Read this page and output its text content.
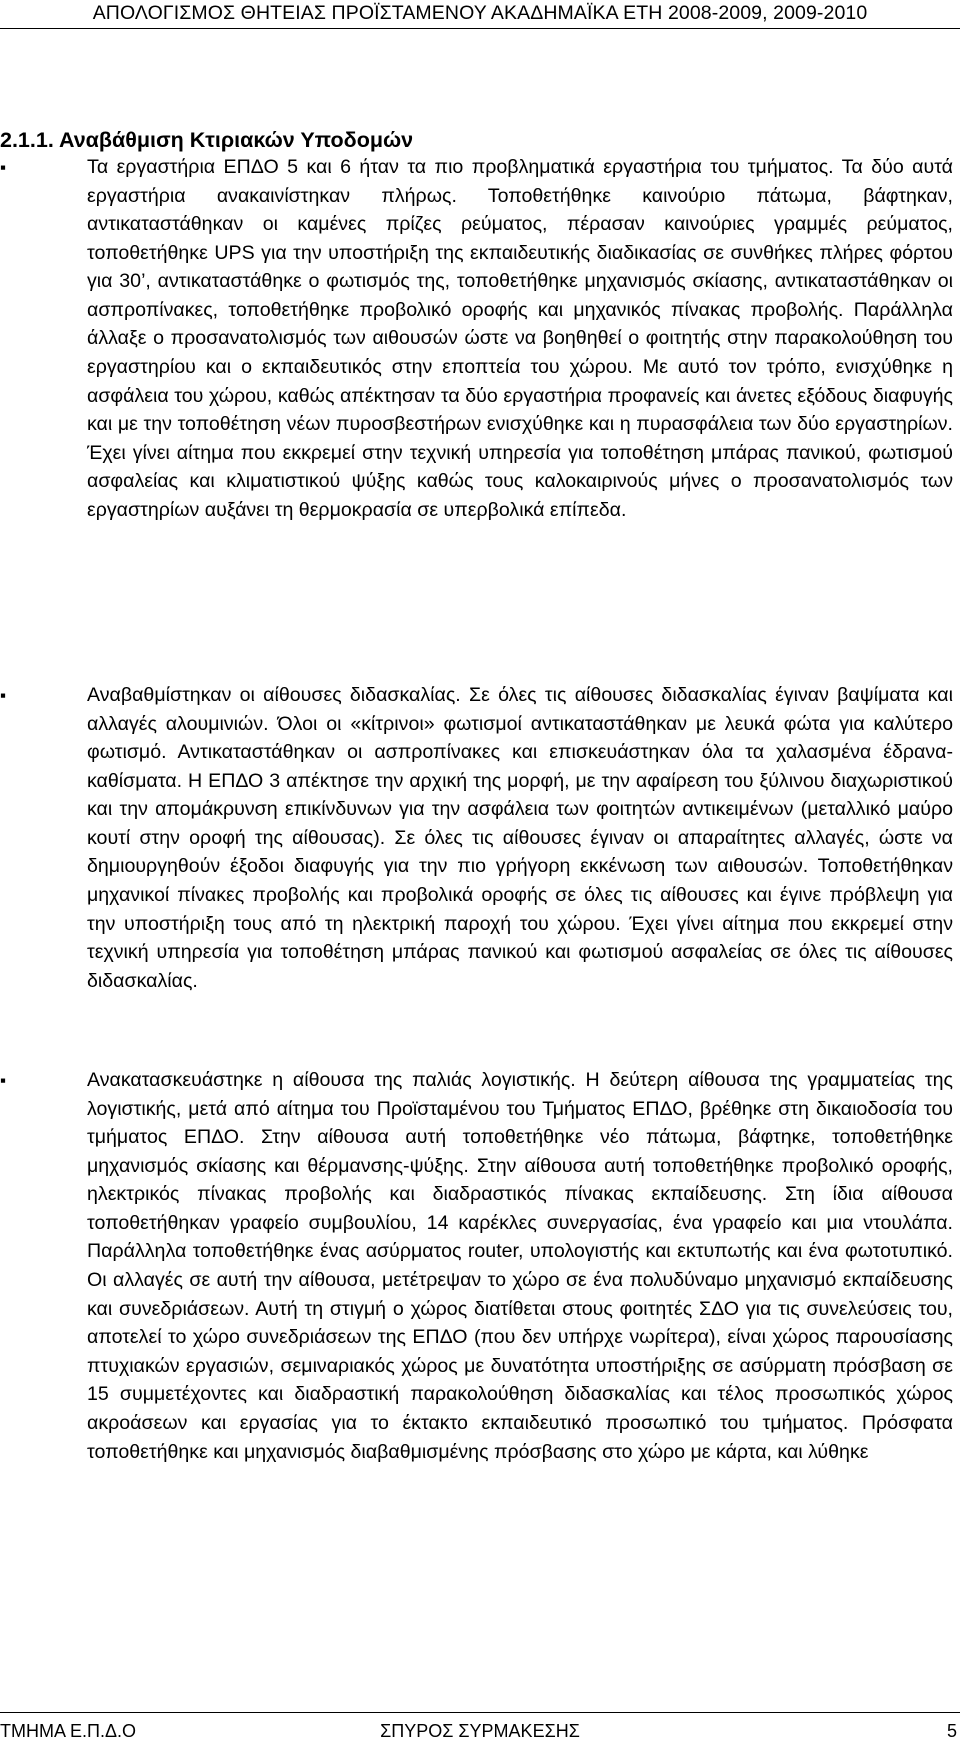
ΑΠΟΛΟΓΙΣΜΟΣ ΘΗΤΕΙΑΣ ΠΡΟΪΣΤΑΜΕΝΟΥ ΑΚΑΔΗΜΑΪΚΑ ΕΤΗ 2008-2009, 2009-2010
2.1.1. Αναβάθμιση Κτιριακών Υποδομών
▪	Τα εργαστήρια ΕΠΔΟ 5 και 6 ήταν τα πιο προβληματικά εργαστήρια του τμήματος. Τα δύο αυτά εργαστήρια ανακαινίστηκαν πλήρως. Τοποθετήθηκε καινούριο πάτωμα, βάφτηκαν, αντικαταστάθηκαν οι καμένες πρίζες ρεύματος, πέρασαν καινούριες γραμμές ρεύματος, τοποθετήθηκε UPS για την υποστήριξη της εκπαιδευτικής διαδικασίας σε συνθήκες πλήρες φόρτου για 30’, αντικαταστάθηκε ο φωτισμός της, τοποθετήθηκε μηχανισμός σκίασης, αντικαταστάθηκαν οι ασπροπίνακες, τοποθετήθηκε προβολικό οροφής και μηχανικός πίνακας προβολής. Παράλληλα άλλαξε ο προσανατολισμός των αιθουσών ώστε να βοηθηθεί ο φοιτητής στην παρακολούθηση του εργαστηρίου και ο εκπαιδευτικός στην εποπτεία του χώρου. Με αυτό τον τρόπο, ενισχύθηκε η ασφάλεια του χώρου, καθώς απέκτησαν τα δύο εργαστήρια προφανείς και άνετες εξόδους διαφυγής και με την τοποθέτηση νέων πυροσβεστήρων ενισχύθηκε και η πυρασφάλεια των δύο εργαστηρίων. Έχει γίνει αίτημα που εκκρεμεί στην τεχνική υπηρεσία για τοποθέτηση μπάρας πανικού, φωτισμού ασφαλείας και κλιματιστικού ψύξης καθώς τους καλοκαιρινούς μήνες ο προσανατολισμός των εργαστηρίων αυξάνει τη θερμοκρασία σε υπερβολικά επίπεδα.

▪	Αναβαθμίστηκαν οι αίθουσες διδασκαλίας. Σε όλες τις αίθουσες διδασκαλίας έγιναν βαψίματα και αλλαγές αλουμινιών. Όλοι οι «κίτρινοι» φωτισμοί αντικαταστάθηκαν με λευκά φώτα για καλύτερο φωτισμό. Αντικαταστάθηκαν οι ασπροπίνακες και επισκευάστηκαν όλα τα χαλασμένα έδρανα-καθίσματα. Η ΕΠΔΟ 3 απέκτησε την αρχική της μορφή, με την αφαίρεση του ξύλινου διαχωριστικού και την απομάκρυνση επικίνδυνων για την ασφάλεια των φοιτητών αντικειμένων (μεταλλικό μαύρο κουτί στην οροφή της αίθουσας). Σε όλες τις αίθουσες έγιναν οι απαραίτητες αλλαγές, ώστε να δημιουργηθούν έξοδοι διαφυγής για την πιο γρήγορη εκκένωση των αιθουσών. Τοποθετήθηκαν μηχανικοί πίνακες προβολής και προβολικά οροφής σε όλες τις αίθουσες και έγινε πρόβλεψη για την υποστήριξη τους από τη ηλεκτρική παροχή του χώρου. Έχει γίνει αίτημα που εκκρεμεί στην τεχνική υπηρεσία για τοποθέτηση μπάρας πανικού και φωτισμού ασφαλείας σε όλες τις αίθουσες διδασκαλίας.

▪	Ανακατασκευάστηκε η αίθουσα της παλιάς λογιστικής. Η δεύτερη αίθουσα της γραμματείας της λογιστικής, μετά από αίτημα του Προϊσταμένου του Τμήματος ΕΠΔΟ, βρέθηκε στη δικαιοδοσία του τμήματος ΕΠΔΟ. Στην αίθουσα αυτή τοποθετήθηκε νέο πάτωμα, βάφτηκε, τοποθετήθηκε μηχανισμός σκίασης και θέρμανσης-ψύξης. Στην αίθουσα αυτή τοποθετήθηκε προβολικό οροφής, ηλεκτρικός πίνακας προβολής και διαδραστικός πίνακας εκπαίδευσης. Στη ίδια αίθουσα τοποθετήθηκαν γραφείο συμβουλίου, 14 καρέκλες συνεργασίας, ένα γραφείο και μια ντουλάπα. Παράλληλα τοποθετήθηκε ένας ασύρματος router, υπολογιστής και εκτυπωτής και ένα φωτοτυπικό. Οι αλλαγές σε αυτή την αίθουσα, μετέτρεψαν το χώρο σε ένα πολυδύναμο μηχανισμό εκπαίδευσης και συνεδριάσεων. Αυτή τη στιγμή ο χώρος διατίθεται στους φοιτητές ΣΔΟ για τις συνελεύσεις του, αποτελεί το χώρο συνεδριάσεων της ΕΠΔΟ (που δεν υπήρχε νωρίτερα), είναι χώρος παρουσίασης πτυχιακών εργασιών, σεμιναριακός χώρος με δυνατότητα υποστήριξης σε ασύρματη πρόσβαση σε 15 συμμετέχοντες και διαδραστική παρακολούθηση διδασκαλίας και τέλος προσωπικός χώρος ακροάσεων και εργασίας για το έκτακτο εκπαιδευτικό προσωπικό του τμήματος. Πρόσφατα τοποθετήθηκε και μηχανισμός διαβαθμισμένης πρόσβασης στο χώρο με κάρτα, και λύθηκε

ΤΜΗΜΑ Ε.Π.Δ.Ο	ΣΠΥΡΟΣ ΣΥΡΜΑΚΕΣΗΣ	5
